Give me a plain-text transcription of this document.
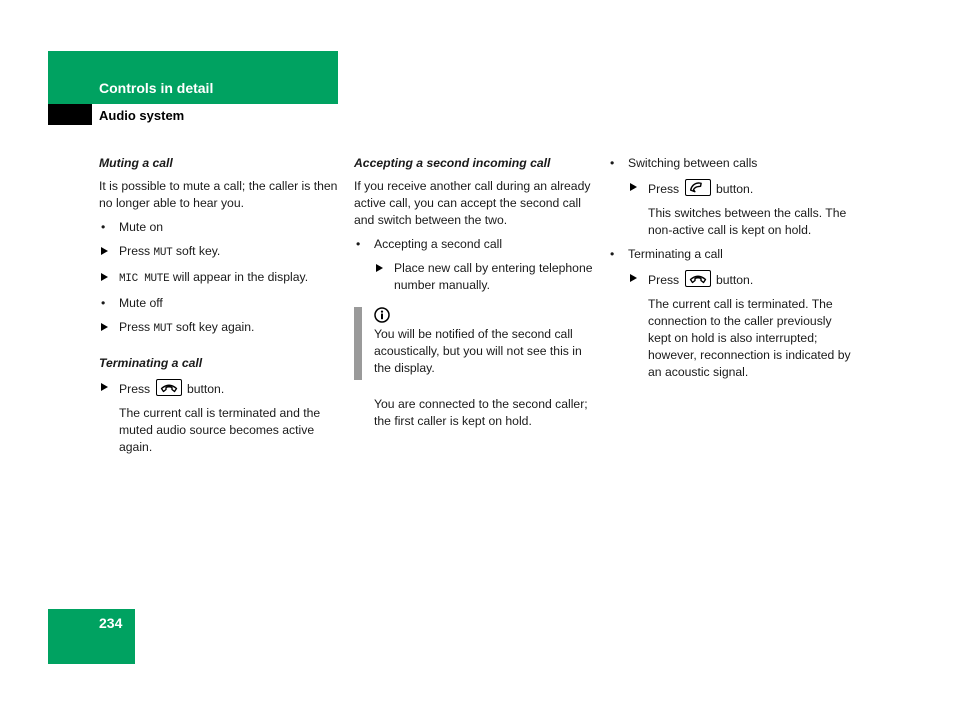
Controls in detail
Audio system

Muting a call

It is possible to mute a call; the caller is then no longer able to hear you.

• Mute on

Press MUT soft key.

MIC MUTE will appear in the display.

• Mute off

Press MUT soft key again.

Terminating a call

Press	button.

The current call is terminated and the muted audio source becomes active again.

Accepting a second incoming call

If you receive another call during an already active call, you can accept the second call and switch between the two.

• Accepting a second call

Place new call by entering telephone number manually.

You will be notified of the second call acoustically, but you will not see this in the display.

You are connected to the second caller; the first caller is kept on hold.

• Switching between calls

Press	button.

This switches between the calls. The non-active call is kept on hold.

• Terminating a call

Press	button.

The current call is terminated. The connection to the caller previously kept on hold is also interrupted; however, reconnection is indicated by an acoustic signal.

234
